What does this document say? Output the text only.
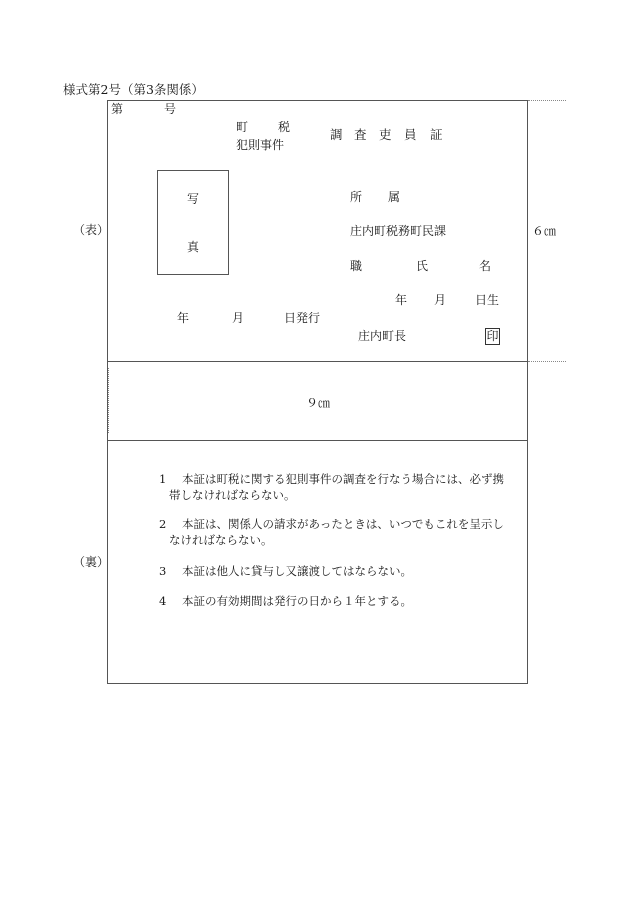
様式第2号（第3条関係）
（表）
第	号
町 税
犯則事件
調 査 吏 員 証
写
真
所 属
庄内町税務町民課
職	氏	名
年 月 日生
年	月	日発行
庄内町長	印
６㎝
９㎝
（裏）
1	本証は町税に関する犯則事件の調査を行なう場合には、必ず携帯しなければならない。
2	本証は、関係人の請求があったときは、いつでもこれを呈示しなければならない。
3	本証は他人に貸与し又譲渡してはならない。
4	本証の有効期間は発行の日から１年とする。
